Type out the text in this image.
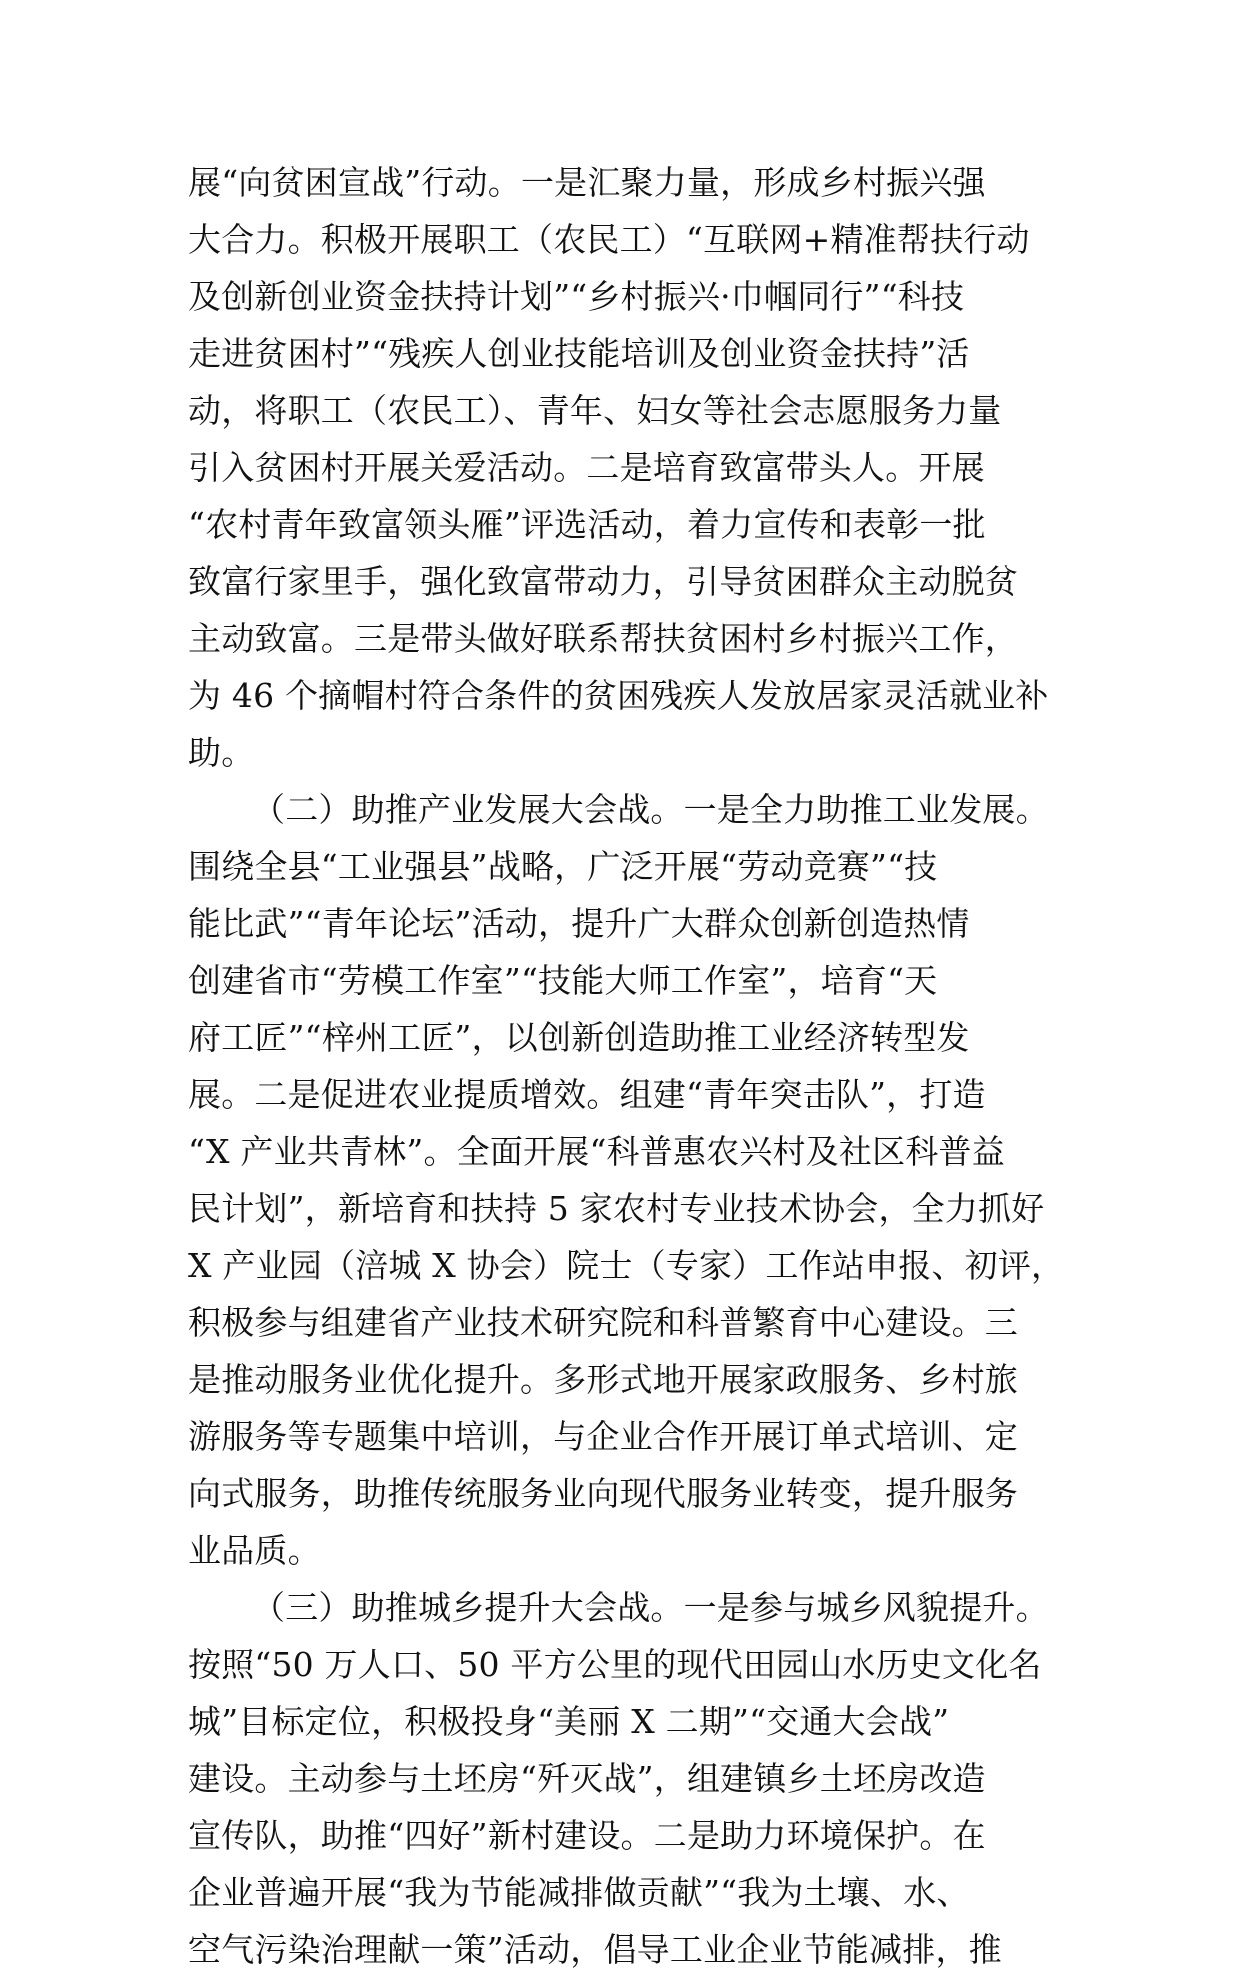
展“向贫困宣战”行动。一是汇聚力量，形成乡村振兴强
大合力。积极开展职工（农民工）“互联网+精准帮扶行动
及创新创业资金扶持计划”“乡村振兴·巾帼同行”“科技
走进贫困村”“残疾人创业技能培训及创业资金扶持”活
动，将职工（农民工）、青年、妇女等社会志愿服务力量
引入贫困村开展关爱活动。二是培育致富带头人。开展
“农村青年致富领头雁”评选活动，着力宣传和表彰一批
致富行家里手，强化致富带动力，引导贫困群众主动脱贫
主动致富。三是带头做好联系帮扶贫困村乡村振兴工作，
为 46 个摘帽村符合条件的贫困残疾人发放居家灵活就业补
助。
（二）助推产业发展大会战。一是全力助推工业发展。
围绕全县“工业强县”战略，广泛开展“劳动竞赛”“技
能比武”“青年论坛”活动，提升广大群众创新创造热情
创建省市“劳模工作室”“技能大师工作室”，培育“天
府工匠”“梓州工匠”，以创新创造助推工业经济转型发
展。二是促进农业提质增效。组建“青年突击队”，打造
“X 产业共青林”。全面开展“科普惠农兴村及社区科普益
民计划”，新培育和扶持 5 家农村专业技术协会，全力抓好
X 产业园（涪城 X 协会）院士（专家）工作站申报、初评，
积极参与组建省产业技术研究院和科普繁育中心建设。三
是推动服务业优化提升。多形式地开展家政服务、乡村旅
游服务等专题集中培训，与企业合作开展订单式培训、定
向式服务，助推传统服务业向现代服务业转变，提升服务
业品质。
（三）助推城乡提升大会战。一是参与城乡风貌提升。
按照“50 万人口、50 平方公里的现代田园山水历史文化名
城”目标定位，积极投身“美丽 X 二期”“交通大会战”
建设。主动参与土坯房“歼灭战”，组建镇乡土坯房改造
宣传队，助推“四好”新村建设。二是助力环境保护。在
企业普遍开展“我为节能减排做贡献”“我为土壤、水、
空气污染治理献一策”活动，倡导工业企业节能减排，推
